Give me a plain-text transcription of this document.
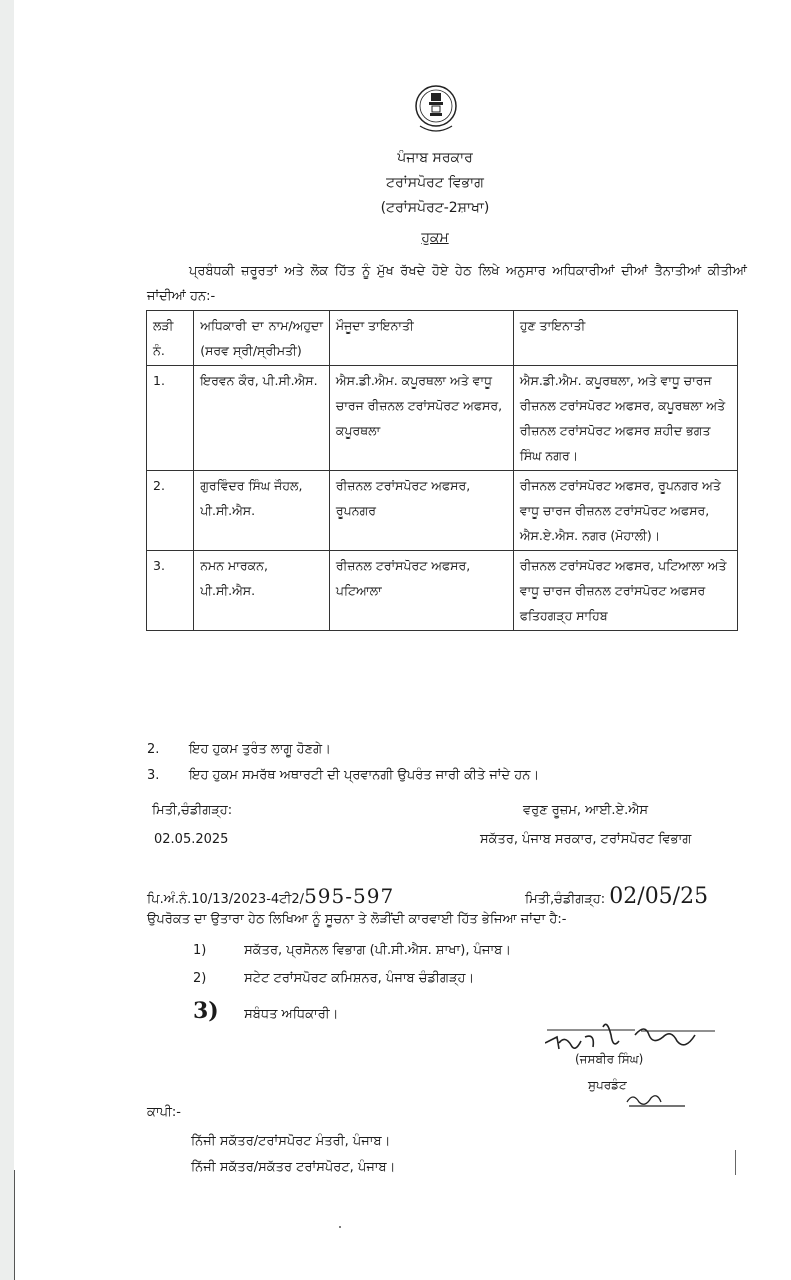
ਪੰਜਾਬ ਸਰਕਾਰ
ਟਰਾਂਸਪੋਰਟ ਵਿਭਾਗ
(ਟਰਾਂਸਪੋਰਟ-2ਸ਼ਾਖਾ)
ਹੁਕਮ
ਪ੍ਰਬੰਧਕੀ ਜ਼ਰੂਰਤਾਂ ਅਤੇ ਲੋਕ ਹਿੱਤ ਨੂੰ ਮੁੱਖ ਰੱਖਦੇ ਹੋਏ ਹੇਠ ਲਿਖੇ ਅਨੁਸਾਰ ਅਧਿਕਾਰੀਆਂ ਦੀਆਂ ਤੈਨਾਤੀਆਂ ਕੀਤੀਆਂ ਜਾਂਦੀਆਂ ਹਨ:-
ਲੜੀ ਨੰ.	ਅਧਿਕਾਰੀ ਦਾ ਨਾਮ/ਅਹੁਦਾ (ਸਰਵ ਸ੍ਰੀ/ਸ੍ਰੀਮਤੀ)	ਮੌਜੂਦਾ ਤਾਇਨਾਤੀ	ਹੁਣ ਤਾਇਨਾਤੀ
1.	ਇਰਵਨ ਕੌਰ, ਪੀ.ਸੀ.ਐਸ.	ਐਸ.ਡੀ.ਐਮ. ਕਪੂਰਥਲਾ ਅਤੇ ਵਾਧੂ ਚਾਰਜ ਰੀਜ਼ਨਲ ਟਰਾਂਸਪੋਰਟ ਅਫਸਰ, ਕਪੂਰਥਲਾ	ਐਸ.ਡੀ.ਐਮ. ਕਪੂਰਥਲਾ, ਅਤੇ ਵਾਧੂ ਚਾਰਜ ਰੀਜ਼ਨਲ ਟਰਾਂਸਪੋਰਟ ਅਫਸਰ, ਕਪੂਰਥਲਾ ਅਤੇ ਰੀਜ਼ਨਲ ਟਰਾਂਸਪੋਰਟ ਅਫਸਰ ਸ਼ਹੀਦ ਭਗਤ ਸਿੰਘ ਨਗਰ।
2.	ਗੁਰਵਿੰਦਰ ਸਿੰਘ ਜੌਹਲ, ਪੀ.ਸੀ.ਐਸ.	ਰੀਜ਼ਨਲ ਟਰਾਂਸਪੋਰਟ ਅਫਸਰ, ਰੂਪਨਗਰ	ਰੀਜਨਲ ਟਰਾਂਸਪੋਰਟ ਅਫਸਰ, ਰੂਪਨਗਰ ਅਤੇ ਵਾਧੂ ਚਾਰਜ ਰੀਜ਼ਨਲ ਟਰਾਂਸਪੋਰਟ ਅਫਸਰ, ਐਸ.ਏ.ਐਸ. ਨਗਰ (ਮੋਹਾਲੀ)।
3.	ਨਮਨ ਮਾਰਕਨ, ਪੀ.ਸੀ.ਐਸ.	ਰੀਜ਼ਨਲ ਟਰਾਂਸਪੋਰਟ ਅਫਸਰ, ਪਟਿਆਲਾ	ਰੀਜ਼ਨਲ ਟਰਾਂਸਪੋਰਟ ਅਫਸਰ, ਪਟਿਆਲਾ ਅਤੇ ਵਾਧੂ ਚਾਰਜ ਰੀਜ਼ਨਲ ਟਰਾਂਸਪੋਰਟ ਅਫਸਰ ਫਤਿਹਗੜ੍ਹ ਸਾਹਿਬ
2. ਇਹ ਹੁਕਮ ਤੁਰੰਤ ਲਾਗੂ ਹੋਣਗੇ।
3. ਇਹ ਹੁਕਮ ਸਮਰੱਥ ਅਥਾਰਟੀ ਦੀ ਪ੍ਰਵਾਨਗੀ ਉਪਰੰਤ ਜਾਰੀ ਕੀਤੇ ਜਾਂਦੇ ਹਨ।
ਮਿਤੀ,ਚੰਡੀਗੜ੍ਹ:
02.05.2025
ਵਰੁਣ ਰੂਜ਼ਮ, ਆਈ.ਏ.ਐਸ
ਸਕੱਤਰ, ਪੰਜਾਬ ਸਰਕਾਰ, ਟਰਾਂਸਪੋਰਟ ਵਿਭਾਗ
ਪਿ.ਅੰ.ਨੰ.10/13/2023-4ਟੀ2/595-597	ਮਿਤੀ,ਚੰਡੀਗੜ੍ਹ: 02/05/25
ਉਪਰੋਕਤ ਦਾ ਉਤਾਰਾ ਹੇਠ ਲਿਖਿਆ ਨੂੰ ਸੂਚਨਾ ਤੇ ਲੋੜੀਂਦੀ ਕਾਰਵਾਈ ਹਿੱਤ ਭੇਜਿਆ ਜਾਂਦਾ ਹੈ:-
1)	ਸਕੱਤਰ, ਪ੍ਰਸੋਨਲ ਵਿਭਾਗ (ਪੀ.ਸੀ.ਐਸ. ਸ਼ਾਖਾ), ਪੰਜਾਬ।
2)	ਸਟੇਟ ਟਰਾਂਸਪੋਰਟ ਕਮਿਸ਼ਨਰ, ਪੰਜਾਬ ਚੰਡੀਗੜ੍ਹ।
3) ਸਬੰਧਤ ਅਧਿਕਾਰੀ।
(ਜਸਬੀਰ ਸਿੰਘ)
ਸੁਪਰਡੰਟ
ਕਾਪੀ:-
ਨਿੱਜੀ ਸਕੱਤਰ/ਟਰਾਂਸਪੋਰਟ ਮੰਤਰੀ, ਪੰਜਾਬ।
ਨਿੱਜੀ ਸਕੱਤਰ/ਸਕੱਤਰ ਟਰਾਂਸਪੋਰਟ, ਪੰਜਾਬ।
